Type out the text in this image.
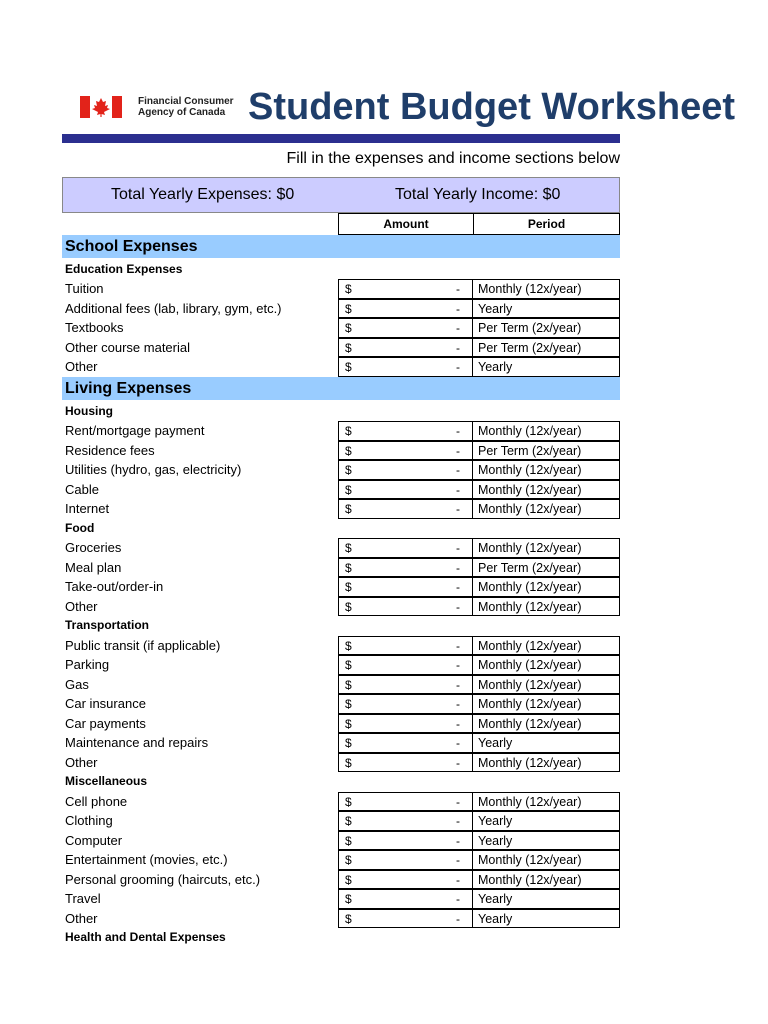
Financial Consumer
Agency of Canada Student Budget Worksheet
Fill in the expenses and income sections below
Total Yearly Expenses: $0	Total Yearly Income: $0
Amount	Period
School Expenses
Education Expenses
Tuition	$	-	Monthly (12x/year)
Additional fees (lab, library, gym, etc.)	$	-	Yearly
Textbooks	$	-	Per Term (2x/year)
Other course material	$	-	Per Term (2x/year)
Other	$	-	Yearly
Living Expenses
Housing
Rent/mortgage payment	$	-	Monthly (12x/year)
Residence fees	$	-	Per Term (2x/year)
Utilities (hydro, gas, electricity)	$	-	Monthly (12x/year)
Cable	$	-	Monthly (12x/year)
Internet	$	-	Monthly (12x/year)
Food
Groceries	$	-	Monthly (12x/year)
Meal plan	$	-	Per Term (2x/year)
Take-out/order-in	$	-	Monthly (12x/year)
Other	$	-	Monthly (12x/year)
Transportation
Public transit (if applicable)	$	-	Monthly (12x/year)
Parking	$	-	Monthly (12x/year)
Gas	$	-	Monthly (12x/year)
Car insurance	$	-	Monthly (12x/year)
Car payments	$	-	Monthly (12x/year)
Maintenance and repairs	$	-	Yearly
Other	$	-	Monthly (12x/year)
Miscellaneous
Cell phone	$	-	Monthly (12x/year)
Clothing	$	-	Yearly
Computer	$	-	Yearly
Entertainment (movies, etc.)	$	-	Monthly (12x/year)
Personal grooming (haircuts, etc.)	$	-	Monthly (12x/year)
Travel	$	-	Yearly
Other	$	-	Yearly
Health and Dental Expenses
